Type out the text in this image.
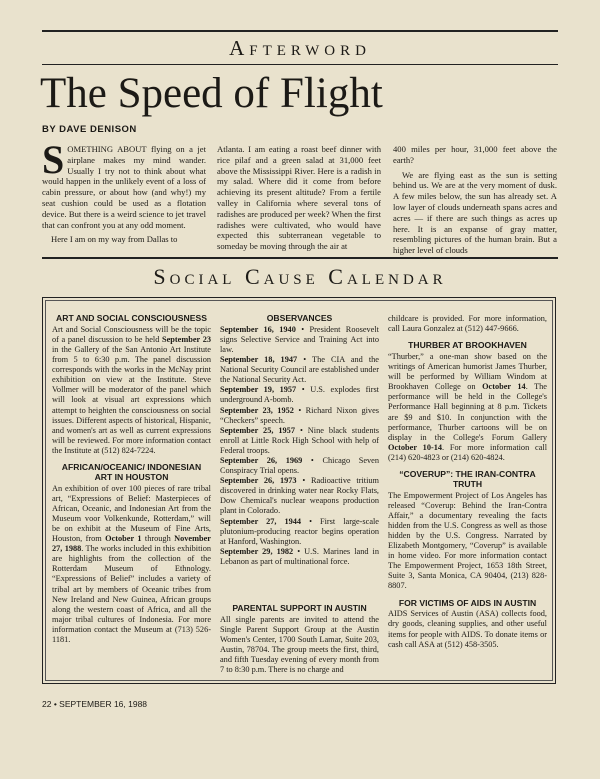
Afterword
The Speed of Flight
BY DAVE DENISON

SOMETHING ABOUT flying on a jet airplane makes my mind wander. Usually I try not to think about what would happen in the unlikely event of a loss of cabin pressure, or about how (and why!) my seat cushion could be used as a flotation device. But there is a weird science to jet travel that can confront you at any odd moment.

Here I am on my way from Dallas to

Atlanta. I am eating a roast beef dinner with rice pilaf and a green salad at 31,000 feet above the Mississippi River. Here is a radish in my salad. Where did it come from before achieving its present altitude? From a fertile valley in California where several tons of radishes are produced per week? When the first radishes were cultivated, who would have expected this subterranean vegetable to someday be moving through the air at

400 miles per hour, 31,000 feet above the earth?

We are flying east as the sun is setting behind us. We are at the very moment of dusk. A few miles below, the sun has already set. A low layer of clouds underneath spans acres and acres — if there are such things as acres up here. It is an expanse of gray matter, resembling pictures of the human brain. But a higher level of clouds

Social Cause Calendar
ART AND SOCIAL CONSCIOUSNESS
Art and Social Consciousness will be the topic of a panel discussion to be held September 23 in the Gallery of the San Antonio Art Institute from 5 to 6:30 p.m. The panel discussion corresponds with the works in the McNay print exhibition on view at the Institute. Steve Vollmer will be moderator of the panel which will look at visual art expressions which attempt to heighten the consciousness on social issues. Different aspects of historical, Hispanic, and women's art as well as current expressions will be reviewed. For more information contact the Institute at (512) 824-7224.
AFRICAN/OCEANIC/ INDONESIAN ART IN HOUSTON
An exhibition of over 100 pieces of rare tribal art, “Expressions of Belief: Masterpieces of African, Oceanic, and Indonesian Art from the Museum voor Volkenkunde, Rotterdam,” will be on exhibit at the Museum of Fine Arts, Houston, from October 1 through November 27, 1988. The works included in this exhibition are highlights from the collection of the Rotterdam Museum of Ethnology. “Expressions of Belief” includes a variety of tribal art by members of Oceanic tribes from New Ireland and New Guinea, African groups along the western coast of Africa, and all the major tribal cultures of Indonesia. For more information contact the Museum at (713) 526-1181.
OBSERVANCES

September 16, 1940 • President Roosevelt signs Selective Service and Training Act into law.

September 18, 1947 • The CIA and the National Security Council are established under the National Security Act.

September 19, 1957 • U.S. explodes first underground A-bomb.

September 23, 1952 • Richard Nixon gives “Checkers” speech.

September 25, 1957 • Nine black students enroll at Little Rock High School with help of Federal troops.

September 26, 1969 • Chicago Seven Conspiracy Trial opens.

September 26, 1973 • Radioactive tritium discovered in drinking water near Rocky Flats, Dow Chemical's nuclear weapons production plant in Colorado.

September 27, 1944 • First large-scale plutonium-producing reactor begins operation at Hanford, Washington.

September 29, 1982 • U.S. Marines land in Lebanon as part of multinational force.

PARENTAL SUPPORT IN AUSTIN
All single parents are invited to attend the Single Parent Support Group at the Austin Women's Center, 1700 South Lamar, Suite 203, Austin, 78704. The group meets the first, third, and fifth Tuesday evening of every month from 7 to 8:30 p.m. There is no charge and
childcare is provided. For more information, call Laura Gonzalez at (512) 447-9666.
THURBER AT BROOKHAVEN
“Thurber,” a one-man show based on the writings of American humorist James Thurber, will be performed by William Windom at Brookhaven College on October 14. The performance will be held in the College's Performance Hall beginning at 8 p.m. Tickets are $9 and $10. In conjunction with the performance, Thurber cartoons will be on display in the College's Forum Gallery October 10-14. For more information call (214) 620-4823 or (214) 620-4824.
“COVERUP”: THE IRAN-CONTRA TRUTH
The Empowerment Project of Los Angeles has released “Coverup: Behind the Iran-Contra Affair,” a documentary revealing the facts hidden from the U.S. Congress as well as those hidden by the U.S. Congress. Narrated by Elizabeth Montgomery, “Coverup” is available in home video. For more information contact The Empowerment Project, 1653 18th Street, Suite 3, Santa Monica, CA 90404, (213) 828-8807.
FOR VICTIMS OF AIDS IN AUSTIN
AIDS Services of Austin (ASA) collects food, dry goods, cleaning supplies, and other useful items for people with AIDS. To donate items or cash call ASA at (512) 458-3505.
22 • SEPTEMBER 16, 1988
